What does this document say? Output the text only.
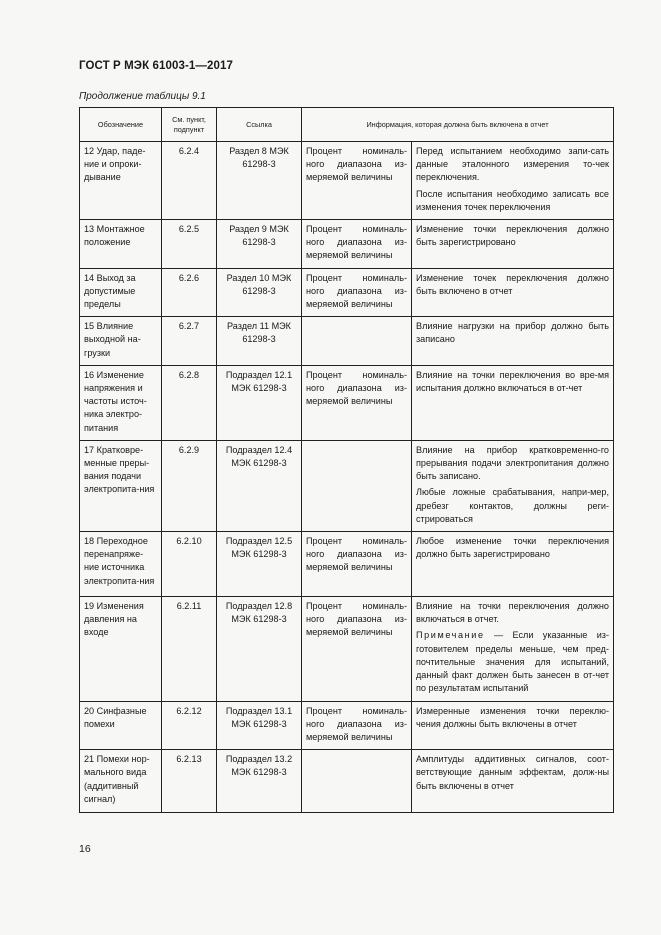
ГОСТ Р МЭК 61003-1—2017
Продолжение таблицы 9.1
Обозначение	См. пункт, подпункт	Ссылка	Информация, которая должна быть включена в отчет	
12 Удар, паде-ние и опроки-дывание	6.2.4	Раздел 8 МЭК 61298-3	Процент номиналь-ного диапазона из-меряемой величины	Перед испытанием необходимо запи-сать данные эталонного измерения то-чек переключения.
После испытания необходимо записать все изменения точек переключения

13 Монтажное положение	6.2.5	Раздел 9 МЭК 61298-3	Процент номиналь-ного диапазона из-меряемой величины	Изменение точки переключения должно быть зарегистрировано

14 Выход за допустимые пределы	6.2.6	Раздел 10 МЭК 61298-3	Процент номиналь-ного диапазона из-меряемой величины	Изменение точек переключения должно быть включено в отчет

15 Влияние выходной на-грузки	6.2.7	Раздел 11 МЭК 61298-3		Влияние нагрузки на прибор должно быть записано

16 Изменение напряжения и частоты источ-ника электро-питания	6.2.8	Подраздел 12.1 МЭК 61298-3	Процент номиналь-ного диапазона из-меряемой величины	Влияние на точки переключения во вре-мя испытания должно включаться в от-чет

17 Кратковре-менные преры-вания подачи электропита-ния	6.2.9	Подраздел 12.4 МЭК 61298-3		Влияние на прибор кратковременно-го прерывания подачи электропитания должно быть записано.
Любые ложные срабатывания, напри-мер, дребезг контактов, должны реги-стрироваться

18 Переходное перенапряже-ние источника электропита-ния	6.2.10	Подраздел 12.5 МЭК 61298-3	Процент номиналь-ного диапазона из-меряемой величины	Любое изменение точки переключения должно быть зарегистрировано

19 Изменения давления на входе	6.2.11	Подраздел 12.8 МЭК 61298-3	Процент номиналь-ного диапазона из-меряемой величины	Влияние на точки переключения должно включаться в отчет.
Примечание — Если указанные из-готовителем пределы меньше, чем пред-почтительные значения для испытаний, данный факт должен быть занесен в от-чет по результатам испытаний

20 Синфазные помехи	6.2.12	Подраздел 13.1 МЭК 61298-3	Процент номиналь-ного диапазона из-меряемой величины	Измеренные изменения точки переклю-чения должны быть включены в отчет

21 Помехи нор-мального вида (аддитивный сигнал)	6.2.13	Подраздел 13.2 МЭК 61298-3		Амплитуды аддитивных сигналов, соот-ветствующие данным эффектам, долж-ны быть включены в отчет
16
